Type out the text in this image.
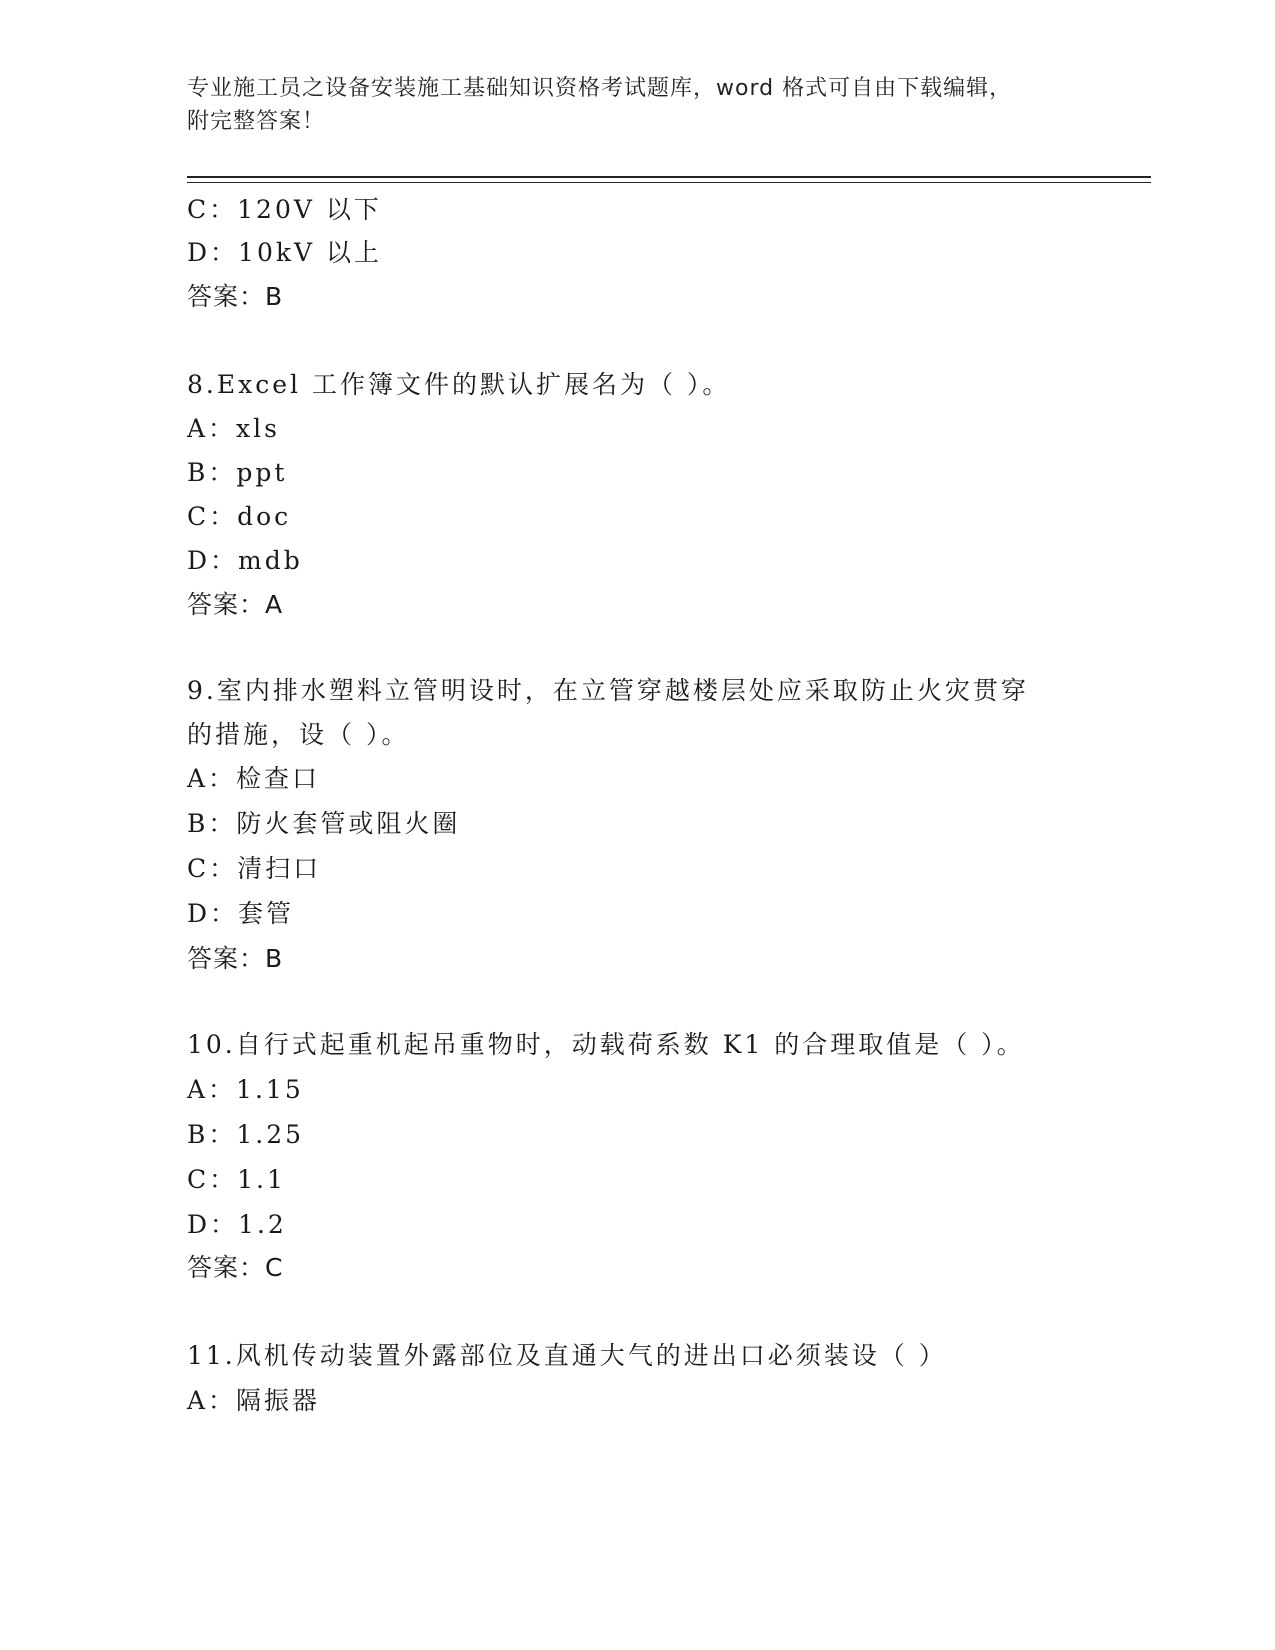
专业施工员之设备安装施工基础知识资格考试题库，word 格式可自由下载编辑，
附完整答案！
C：120V 以下
D：10kV 以上
答案：B
8.Excel 工作簿文件的默认扩展名为（ ）。
A：xls
B：ppt
C：doc
D：mdb
答案：A
9.室内排水塑料立管明设时，在立管穿越楼层处应采取防止火灾贯穿
的措施，设（ ）。
A：检查口
B：防火套管或阻火圈
C：清扫口
D：套管
答案：B
10.自行式起重机起吊重物时，动载荷系数 K1 的合理取值是（ ）。
A：1.15
B：1.25
C：1.1
D：1.2
答案：C
11.风机传动装置外露部位及直通大气的进出口必须装设（ ）
A：隔振器
